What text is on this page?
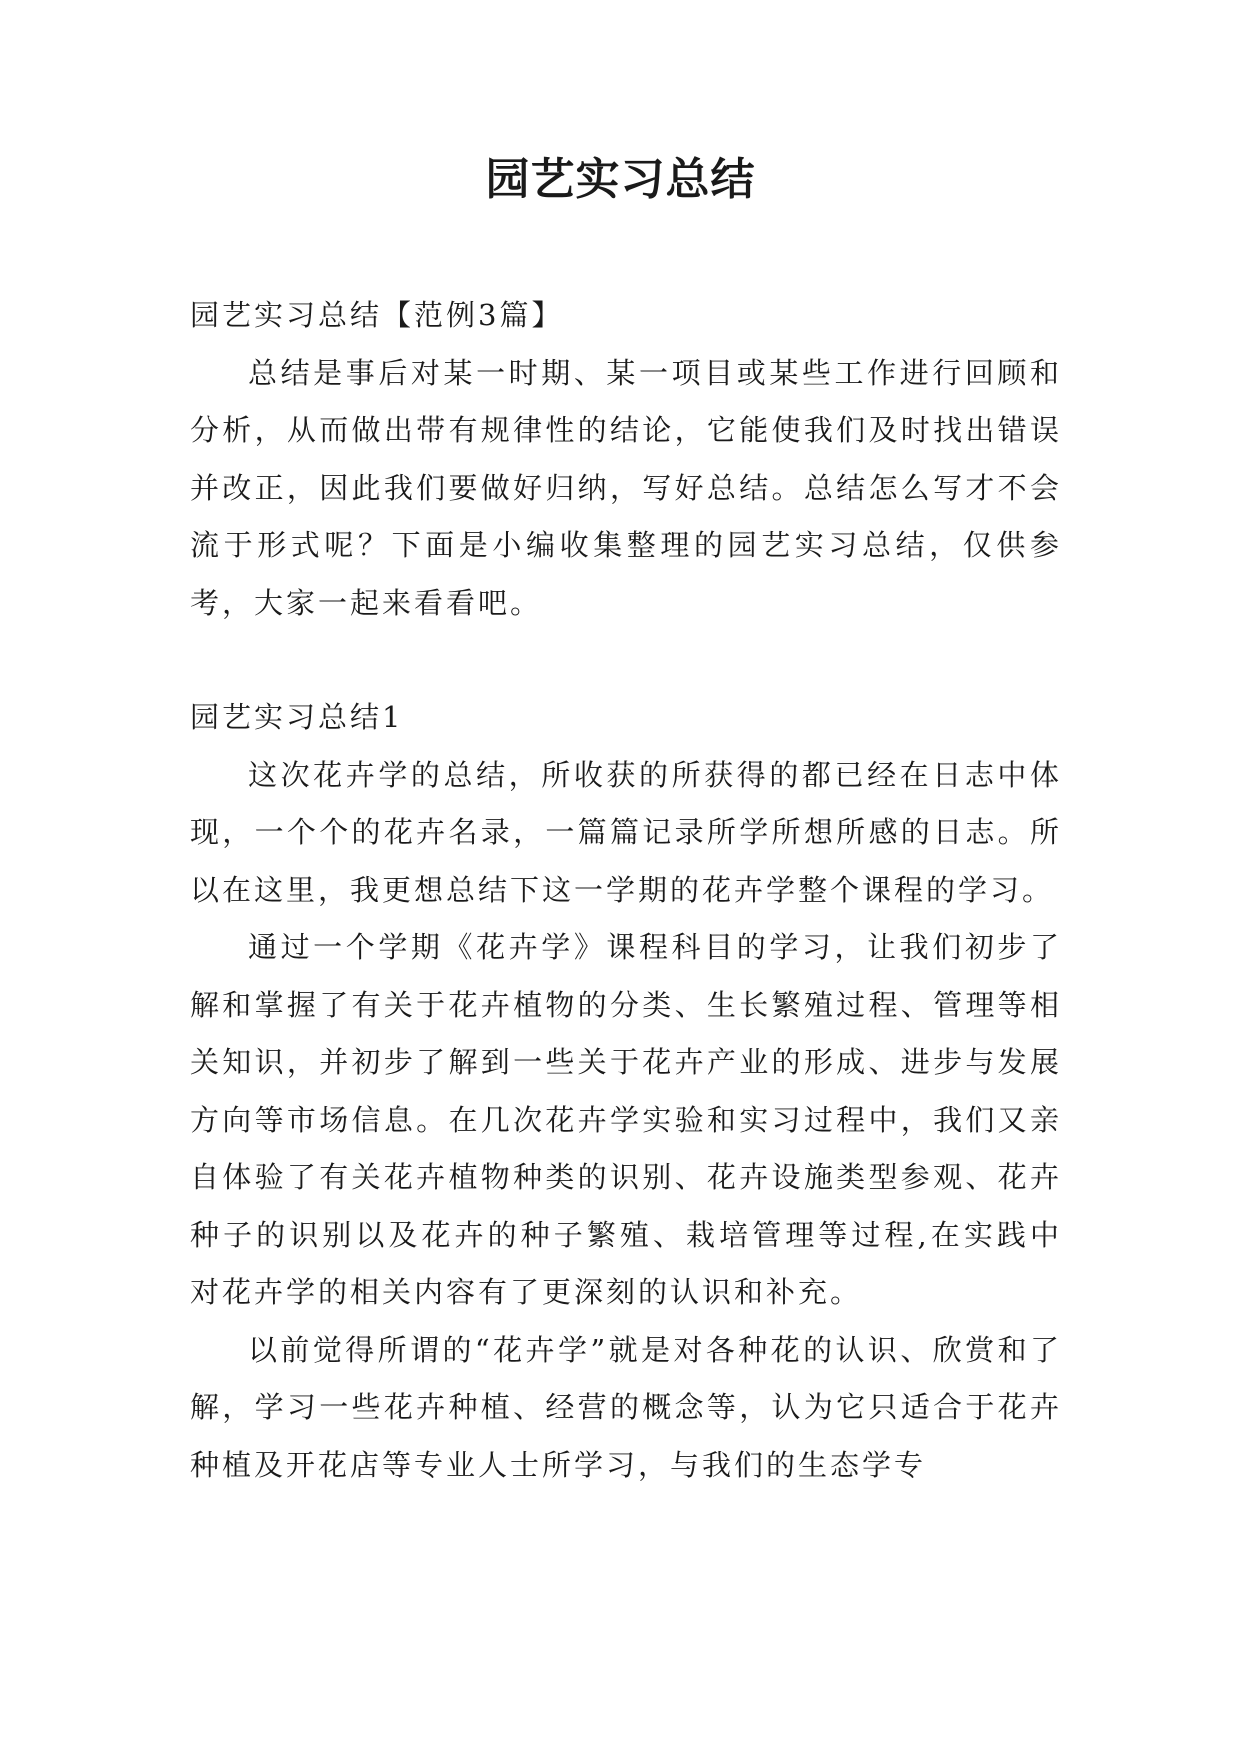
园艺实习总结

园艺实习总结【范例3篇】

总结是事后对某一时期、某一项目或某些工作进行回顾和分析，从而做出带有规律性的结论，它能使我们及时找出错误并改正，因此我们要做好归纳，写好总结。总结怎么写才不会流于形式呢？下面是小编收集整理的园艺实习总结，仅供参考，大家一起来看看吧。

园艺实习总结1

这次花卉学的总结，所收获的所获得的都已经在日志中体现，一个个的花卉名录，一篇篇记录所学所想所感的日志。所以在这里，我更想总结下这一学期的花卉学整个课程的学习。

通过一个学期《花卉学》课程科目的学习，让我们初步了解和掌握了有关于花卉植物的分类、生长繁殖过程、管理等相关知识，并初步了解到一些关于花卉产业的形成、进步与发展方向等市场信息。在几次花卉学实验和实习过程中，我们又亲自体验了有关花卉植物种类的识别、花卉设施类型参观、花卉种子的识别以及花卉的种子繁殖、栽培管理等过程,在实践中对花卉学的相关内容有了更深刻的认识和补充。

以前觉得所谓的“花卉学”就是对各种花的认识、欣赏和了解，学习一些花卉种植、经营的概念等，认为它只适合于花卉种植及开花店等专业人士所学习，与我们的生态学专
